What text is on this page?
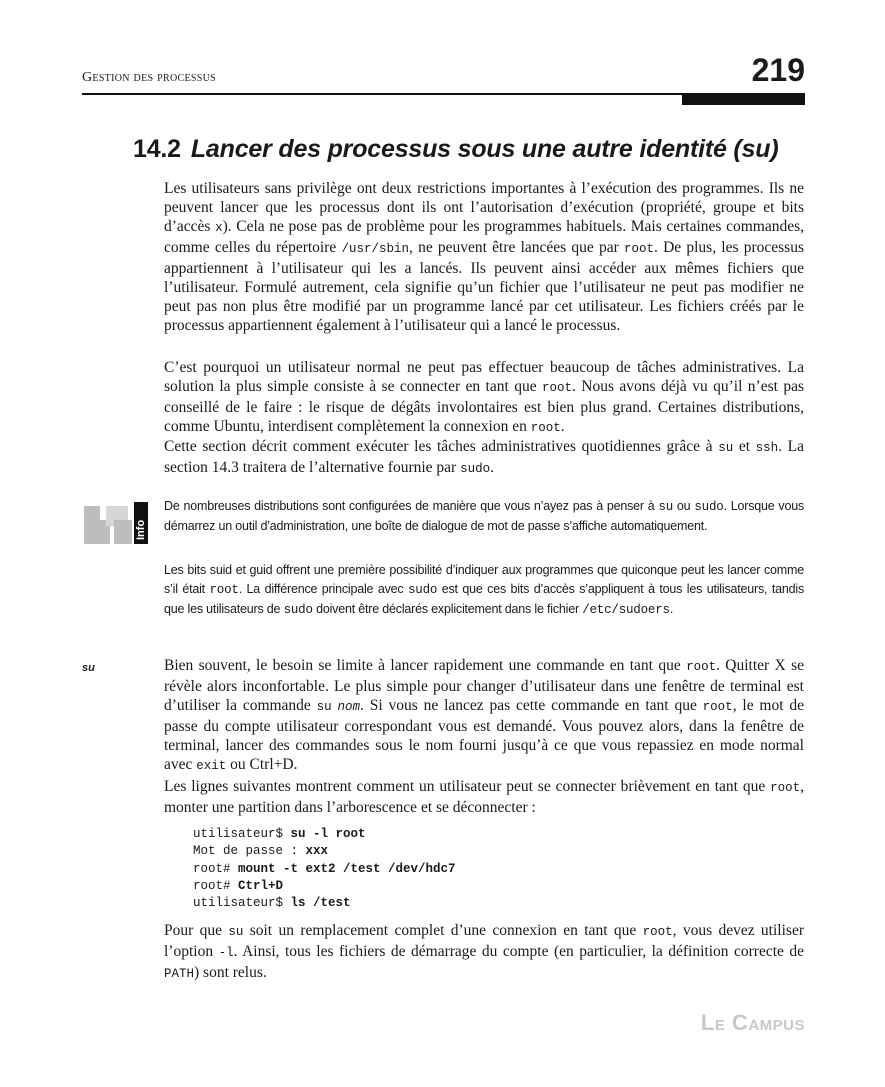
Gestion des processus	219
14.2 Lancer des processus sous une autre identité (su)

Les utilisateurs sans privilège ont deux restrictions importantes à l’exécution des programmes. Ils ne peuvent lancer que les processus dont ils ont l’autorisation d’exécution (propriété, groupe et bits d’accès x). Cela ne pose pas de problème pour les programmes habituels. Mais certaines commandes, comme celles du répertoire /usr/sbin, ne peuvent être lancées que par root. De plus, les processus appartiennent à l’utilisateur qui les a lancés. Ils peuvent ainsi accéder aux mêmes fichiers que l’utilisateur. Formulé autrement, cela signifie qu’un fichier que l’utilisateur ne peut pas modifier ne peut pas non plus être modifié par un programme lancé par cet utilisateur. Les fichiers créés par le processus appartiennent également à l’utilisateur qui a lancé le processus.

C’est pourquoi un utilisateur normal ne peut pas effectuer beaucoup de tâches administratives. La solution la plus simple consiste à se connecter en tant que root. Nous avons déjà vu qu’il n’est pas conseillé de le faire : le risque de dégâts involontaires est bien plus grand. Certaines distributions, comme Ubuntu, interdisent complètement la connexion en root.

Cette section décrit comment exécuter les tâches administratives quotidiennes grâce à su et ssh. La section 14.3 traitera de l’alternative fournie par sudo.

Info

De nombreuses distributions sont configurées de manière que vous n’ayez pas à penser à su ou sudo. Lorsque vous démarrez un outil d’administration, une boîte de dialogue de mot de passe s’affiche automatiquement.

Les bits suid et guid offrent une première possibilité d’indiquer aux programmes que quiconque peut les lancer comme s’il était root. La différence principale avec sudo est que ces bits d’accès s’appliquent à tous les utilisateurs, tandis que les utilisateurs de sudo doivent être déclarés explicitement dans le fichier /etc/sudoers.

su	Bien souvent, le besoin se limite à lancer rapidement une commande en tant que root. Quitter X se révèle alors inconfortable. Le plus simple pour changer d’utilisateur dans une fenêtre de terminal est d’utiliser la commande su nom. Si vous ne lancez pas cette commande en tant que root, le mot de passe du compte utilisateur correspondant vous est demandé. Vous pouvez alors, dans la fenêtre de terminal, lancer des commandes sous le nom fourni jusqu’à ce que vous repassiez en mode normal avec exit ou Ctrl+D.

Les lignes suivantes montrent comment un utilisateur peut se connecter brièvement en tant que root, monter une partition dans l’arborescence et se déconnecter :

utilisateur$ su -l root
Mot de passe : xxx
root# mount -t ext2 /test /dev/hdc7
root# Ctrl+D
utilisateur$ ls /test

Pour que su soit un remplacement complet d’une connexion en tant que root, vous devez utiliser l’option -l. Ainsi, tous les fichiers de démarrage du compte (en particulier, la définition correcte de PATH) sont relus.

Le Campus
